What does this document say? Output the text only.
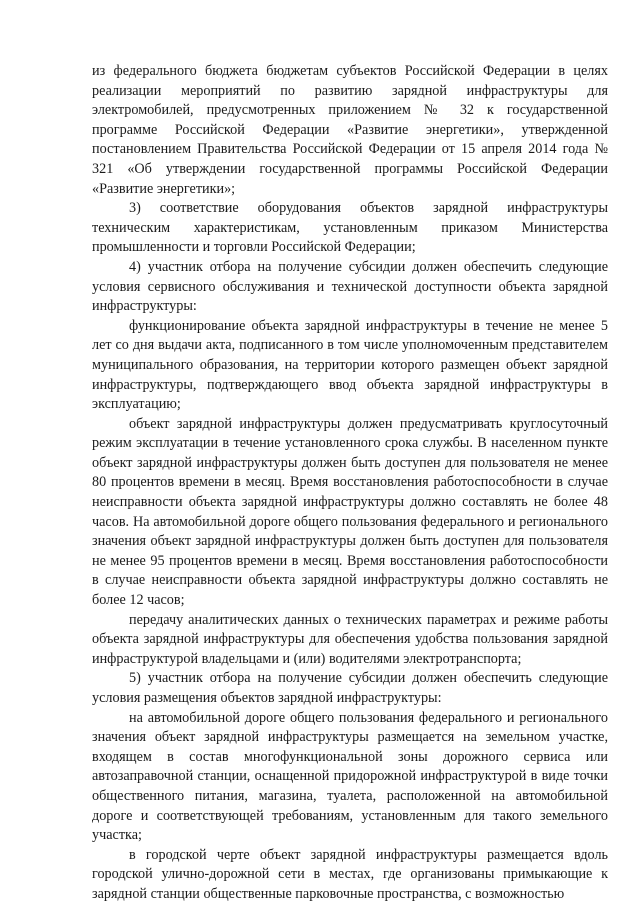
из федерального бюджета бюджетам субъектов Российской Федерации в целях реализации мероприятий по развитию зарядной инфраструктуры для электромобилей, предусмотренных приложением № 32 к государственной программе Российской Федерации «Развитие энергетики», утвержденной постановлением Правительства Российской Федерации от 15 апреля 2014 года № 321 «Об утверждении государственной программы Российской Федерации «Развитие энергетики»;

3) соответствие оборудования объектов зарядной инфраструктуры техническим характеристикам, установленным приказом Министерства промышленности и торговли Российской Федерации;

4) участник отбора на получение субсидии должен обеспечить следующие условия сервисного обслуживания и технической доступности объекта зарядной инфраструктуры:

функционирование объекта зарядной инфраструктуры в течение не менее 5 лет со дня выдачи акта, подписанного в том числе уполномоченным представителем муниципального образования, на территории которого размещен объект зарядной инфраструктуры, подтверждающего ввод объекта зарядной инфраструктуры в эксплуатацию;

объект зарядной инфраструктуры должен предусматривать круглосуточный режим эксплуатации в течение установленного срока службы. В населенном пункте объект зарядной инфраструктуры должен быть доступен для пользователя не менее 80 процентов времени в месяц. Время восстановления работоспособности в случае неисправности объекта зарядной инфраструктуры должно составлять не более 48 часов. На автомобильной дороге общего пользования федерального и регионального значения объект зарядной инфраструктуры должен быть доступен для пользователя не менее 95 процентов времени в месяц. Время восстановления работоспособности в случае неисправности объекта зарядной инфраструктуры должно составлять не более 12 часов;

передачу аналитических данных о технических параметрах и режиме работы объекта зарядной инфраструктуры для обеспечения удобства пользования зарядной инфраструктурой владельцами и (или) водителями электротранспорта;

5) участник отбора на получение субсидии должен обеспечить следующие условия размещения объектов зарядной инфраструктуры:

на автомобильной дороге общего пользования федерального и регионального значения объект зарядной инфраструктуры размещается на земельном участке, входящем в состав многофункциональной зоны дорожного сервиса или автозаправочной станции, оснащенной придорожной инфраструктурой в виде точки общественного питания, магазина, туалета, расположенной на автомобильной дороге и соответствующей требованиям, установленным для такого земельного участка;

в городской черте объект зарядной инфраструктуры размещается вдоль городской улично-дорожной сети в местах, где организованы примыкающие к зарядной станции общественные парковочные пространства, с возможностью
